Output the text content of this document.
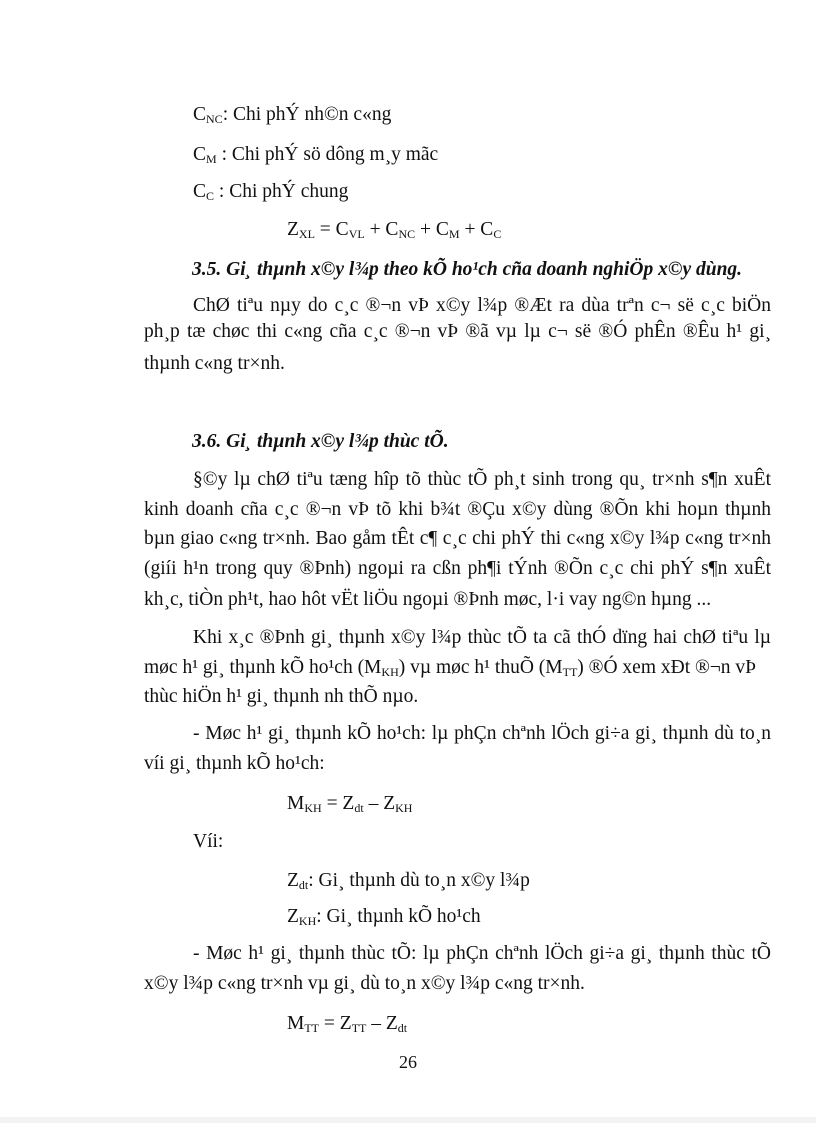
$C_{NC}$: Chi phÝ nh©n c«ng
$C_M$ : Chi phÝ sö dông m¸y mãc
$C_C$ : Chi phÝ chung
$Z_{XL} = C_{VL} + C_{NC} + C_M + C_C$
3.5. Gi¸ thµnh x©y l¾p theo kÕ ho¹ch cña doanh nghiÖp x©y dùng.
ChØ tiªu nµy do c¸c ®¬n vÞ x©y l¾p ®Æt ra dùa trªn c¬ së c¸c biÖn
ph¸p tæ chøc thi c«ng cña c¸c ®¬n vÞ ®ã vµ lµ c¬ së ®Ó phÊn ®Êu h¹ gi¸
thµnh c«ng tr×nh.
3.6. Gi¸ thµnh x©y l¾p thùc tÕ.
§©y lµ chØ tiªu tæng hîp tõ thùc tÕ ph¸t sinh trong qu¸ tr×nh s¶n xuÊt
kinh doanh cña c¸c ®¬n vÞ tõ khi b¾t ®Çu x©y dùng ®Õn khi hoµn thµnh
bµn giao c«ng tr×nh. Bao gåm tÊt c¶ c¸c chi phÝ thi c«ng x©y l¾p c«ng tr×nh
(giíi h¹n trong quy ®Þnh) ngoµi ra cßn ph¶i tÝnh ®Õn c¸c chi phÝ s¶n xuÊt
kh¸c, tiÒn ph¹t, hao hôt vËt liÖu ngoµi ®Þnh møc, l·i vay ng©n hµng ...
Khi x¸c ®Þnh gi¸ thµnh x©y l¾p thùc tÕ ta cã thÓ dïng hai chØ tiªu lµ
møc h¹ gi¸ thµnh kÕ ho¹ch $(M_{KH})$ vµ møc h¹ thuÕ $(M_{TT})$ ®Ó xem xÐt ®¬n vÞ
thùc hiÖn h¹ gi¸ thµnh nh thÕ nµo.
- Møc h¹ gi¸ thµnh kÕ ho¹ch: lµ phÇn chªnh lÖch gi÷a gi¸ thµnh dù to¸n
víi gi¸ thµnh kÕ ho¹ch:
$M_{KH} = Z_{dt} - Z_{KH}$
Víi:
$Z_{dt}$: Gi¸ thµnh dù to¸n x©y l¾p
$Z_{KH}$: Gi¸ thµnh kÕ ho¹ch
- Møc h¹ gi¸ thµnh thùc tÕ: lµ phÇn chªnh lÖch gi÷a gi¸ thµnh thùc tÕ
x©y l¾p c«ng tr×nh vµ gi¸ dù to¸n x©y l¾p c«ng tr×nh.
$M_{TT} = Z_{TT} - Z_{dt}$
26
